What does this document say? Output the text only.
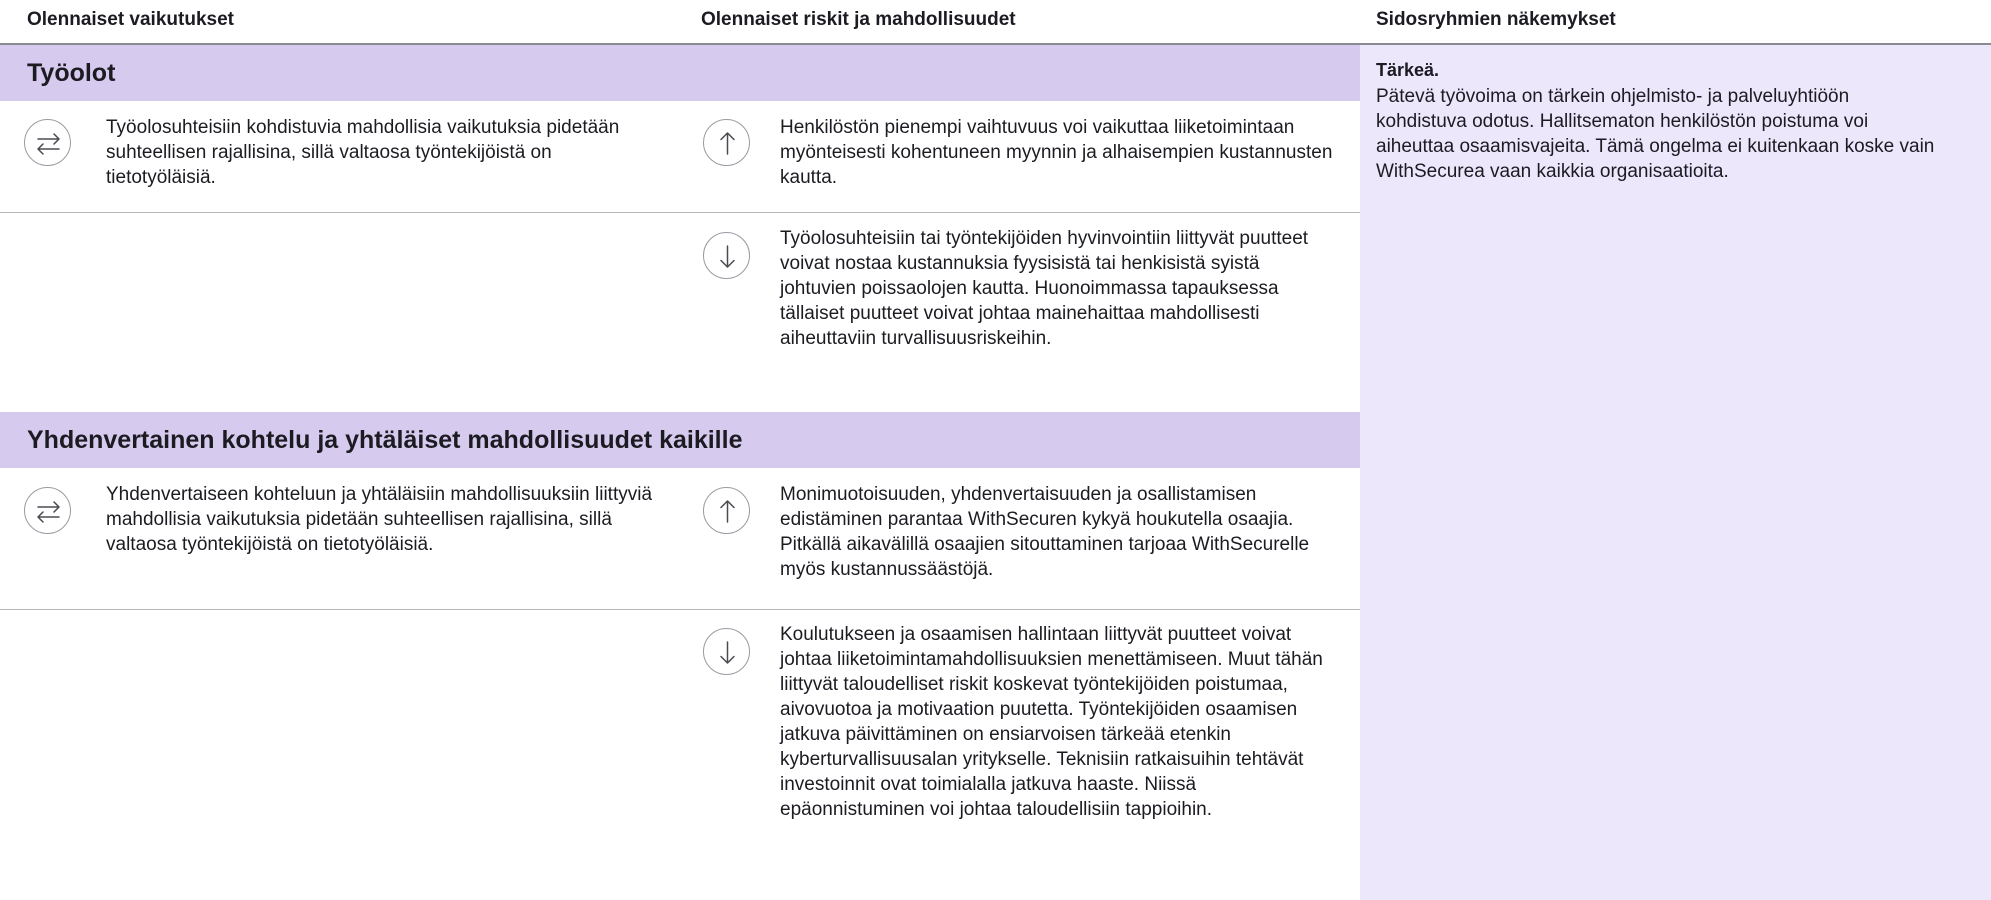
Olennaiset vaikutukset	Olennaiset riskit ja mahdollisuudet	Sidosryhmien näkemykset
Tärkeä.
Pätevä työvoima on tärkein ohjelmisto- ja palveluyhtiöön kohdistuva odotus. Hallitsematon henkilöstön poistuma voi aiheuttaa osaamisvajeita. Tämä ongelma ei kuitenkaan koske vain WithSecurea vaan kaikkia organisaatioita.
Työolot
Työolosuhteisiin kohdistuvia mahdollisia vaikutuksia pidetään suhteellisen rajallisina, sillä valtaosa työntekijöistä on tietotyöläisiä.
Henkilöstön pienempi vaihtuvuus voi vaikuttaa liiketoimintaan myönteisesti kohentuneen myynnin ja alhaisempien kustannusten kautta.
Työolosuhteisiin tai työntekijöiden hyvinvointiin liittyvät puutteet voivat nostaa kustannuksia fyysisistä tai henkisistä syistä johtuvien poissaolojen kautta. Huonoimmassa tapauksessa tällaiset puutteet voivat johtaa mainehaittaa mahdollisesti aiheuttaviin turvallisuusriskeihin.
Yhdenvertainen kohtelu ja yhtäläiset mahdollisuudet kaikille
Yhdenvertaiseen kohteluun ja yhtäläisiin mahdollisuuksiin liittyviä mahdollisia vaikutuksia pidetään suhteellisen rajallisina, sillä valtaosa työntekijöistä on tietotyöläisiä.
Monimuotoisuuden, yhdenvertaisuuden ja osallistamisen edistäminen parantaa WithSecuren kykyä houkutella osaajia. Pitkällä aikavälillä osaajien sitouttaminen tarjoaa WithSecurelle myös kustannussäästöjä.
Koulutukseen ja osaamisen hallintaan liittyvät puutteet voivat johtaa liiketoimintamahdollisuuksien menettämiseen. Muut tähän liittyvät taloudelliset riskit koskevat työntekijöiden poistumaa, aivovuotoa ja motivaation puutetta. Työntekijöiden osaamisen jatkuva päivittäminen on ensiarvoisen tärkeää etenkin kyberturvallisuusalan yritykselle. Teknisiin ratkaisuihin tehtävät investoinnit ovat toimialalla jatkuva haaste. Niissä epäonnistuminen voi johtaa taloudellisiin tappioihin.
